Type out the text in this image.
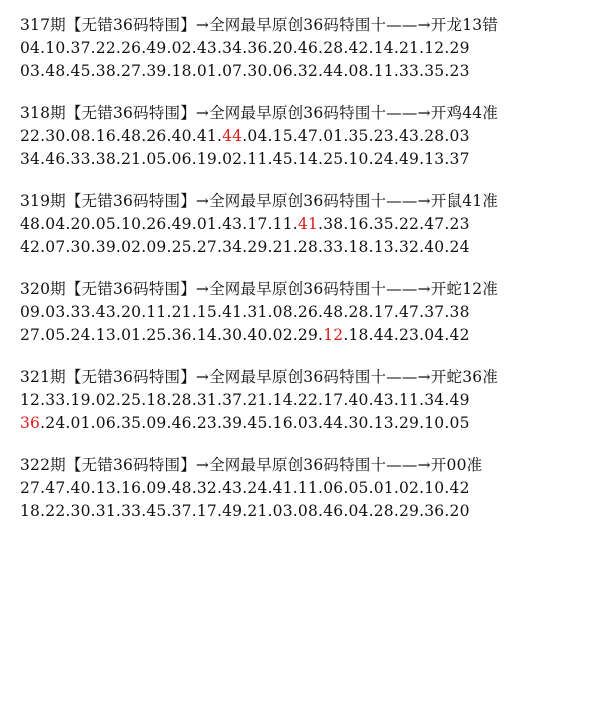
317期【无错36码特围】→全网最早原创36码特围十——→开龙13错
04.10.37.22.26.49.02.43.34.36.20.46.28.42.14.21.12.29
03.48.45.38.27.39.18.01.07.30.06.32.44.08.11.33.35.23
318期【无错36码特围】→全网最早原创36码特围十——→开鸡44准
22.30.08.16.48.26.40.41.44.04.15.47.01.35.23.43.28.03
34.46.33.38.21.05.06.19.02.11.45.14.25.10.24.49.13.37
319期【无错36码特围】→全网最早原创36码特围十——→开鼠41准
48.04.20.05.10.26.49.01.43.17.11.41.38.16.35.22.47.23
42.07.30.39.02.09.25.27.34.29.21.28.33.18.13.32.40.24
320期【无错36码特围】→全网最早原创36码特围十——→开蛇12准
09.03.33.43.20.11.21.15.41.31.08.26.48.28.17.47.37.38
27.05.24.13.01.25.36.14.30.40.02.29.12.18.44.23.04.42
321期【无错36码特围】→全网最早原创36码特围十——→开蛇36准
12.33.19.02.25.18.28.31.37.21.14.22.17.40.43.11.34.49
36.24.01.06.35.09.46.23.39.45.16.03.44.30.13.29.10.05
322期【无错36码特围】→全网最早原创36码特围十——→开00准
27.47.40.13.16.09.48.32.43.24.41.11.06.05.01.02.10.42
18.22.30.31.33.45.37.17.49.21.03.08.46.04.28.29.36.20
